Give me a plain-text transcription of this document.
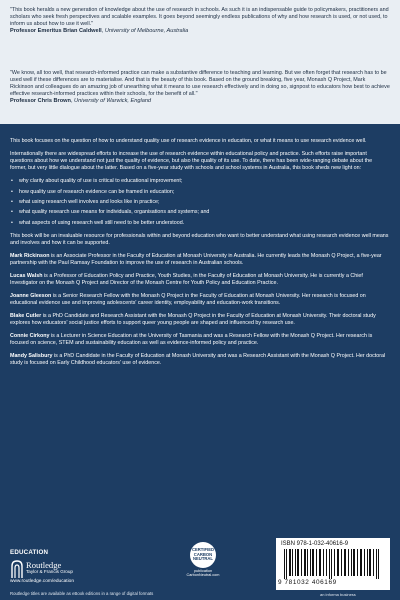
"This book heralds a new generation of knowledge about the use of research in schools. As such it is an indispensable guide to policymakers, practitioners and scholars who seek fresh perspectives and scalable examples. It goes beyond seemingly endless publications of why and how research is used, or not used, to inform us about how to use it well."

Professor Emeritus Brian Caldwell, University of Melbourne, Australia

"We know, all too well, that research-informed practice can make a substantive difference to teaching and learning. But we often forget that research has to be used well if these differences are to materialise. And that is the beauty of this book. Based on the ground breaking, five year, Monash Q Project, Mark Rickinson and colleagues do an amazing job of unearthing what it means to use research effectively and in doing so, signpost to educators how best to achieve effective research-informed practices within their schools, for the benefit of all."

Professor Chris Brown, University of Warwick, England

This book focuses on the question of how to understand quality use of research evidence in education, or what it means to use research evidence well.

Internationally there are widespread efforts to increase the use of research evidence within educational policy and practice. Such efforts raise important questions about how we understand not just the quality of evidence, but also the quality of its use. To date, there has been wide-ranging debate about the former, but very little dialogue about the latter. Based on a five-year study with schools and school systems in Australia, this book sheds new light on:

• why clarity about quality of use is critical to educational improvement;
• how quality use of research evidence can be framed in education;
• what using research well involves and looks like in practice;
• what quality research use means for individuals, organisations and systems; and
• what aspects of using research well still need to be better understood.

This book will be an invaluable resource for professionals within and beyond education who want to better understand what using research evidence well means and involves and how it can be supported.

Mark Rickinson is an Associate Professor in the Faculty of Education at Monash University in Australia. He currently leads the Monash Q Project, a five-year partnership with the Paul Ramsay Foundation to improve the use of research in Australian schools.

Lucas Walsh is a Professor of Education Policy and Practice, Youth Studies, in the Faculty of Education at Monash University. He is currently a Chief Investigator on the Monash Q Project and Director of the Monash Centre for Youth Policy and Education Practice.

Joanne Gleeson is a Senior Research Fellow with the Monash Q Project in the Faculty of Education at Monash University. Her research is focused on educational evidence use and improving adolescents' career identity, employability and education-work transitions.

Blake Cutler is a PhD Candidate and Research Assistant with the Monash Q Project in the Faculty of Education at Monash University. Their doctoral study explores how educators' social justice efforts to support queer young people are shaped and influenced by research use.

Connie Cirkony is a Lecturer in Science Education at the University of Tasmania and was a Research Fellow with the Monash Q Project. Her research is focused on science, STEM and sustainability education as well as evidence-informed policy and practice.

Mandy Salisbury is a PhD Candidate in the Faculty of Education at Monash University and was a Research Assistant with the Monash Q Project. Her doctoral study is focused on Early Childhood educators' use of evidence.

EDUCATION
Routledge
Taylor & Francis Group
www.routledge.com/education
Routledge titles are available as eBook editions in a range of digital formats
CERTIFIED
CARBON
NEUTRAL
publication
CarbonNeutral.com
ISBN 978-1-032-40616-9
9 781032 406169
an informa business
